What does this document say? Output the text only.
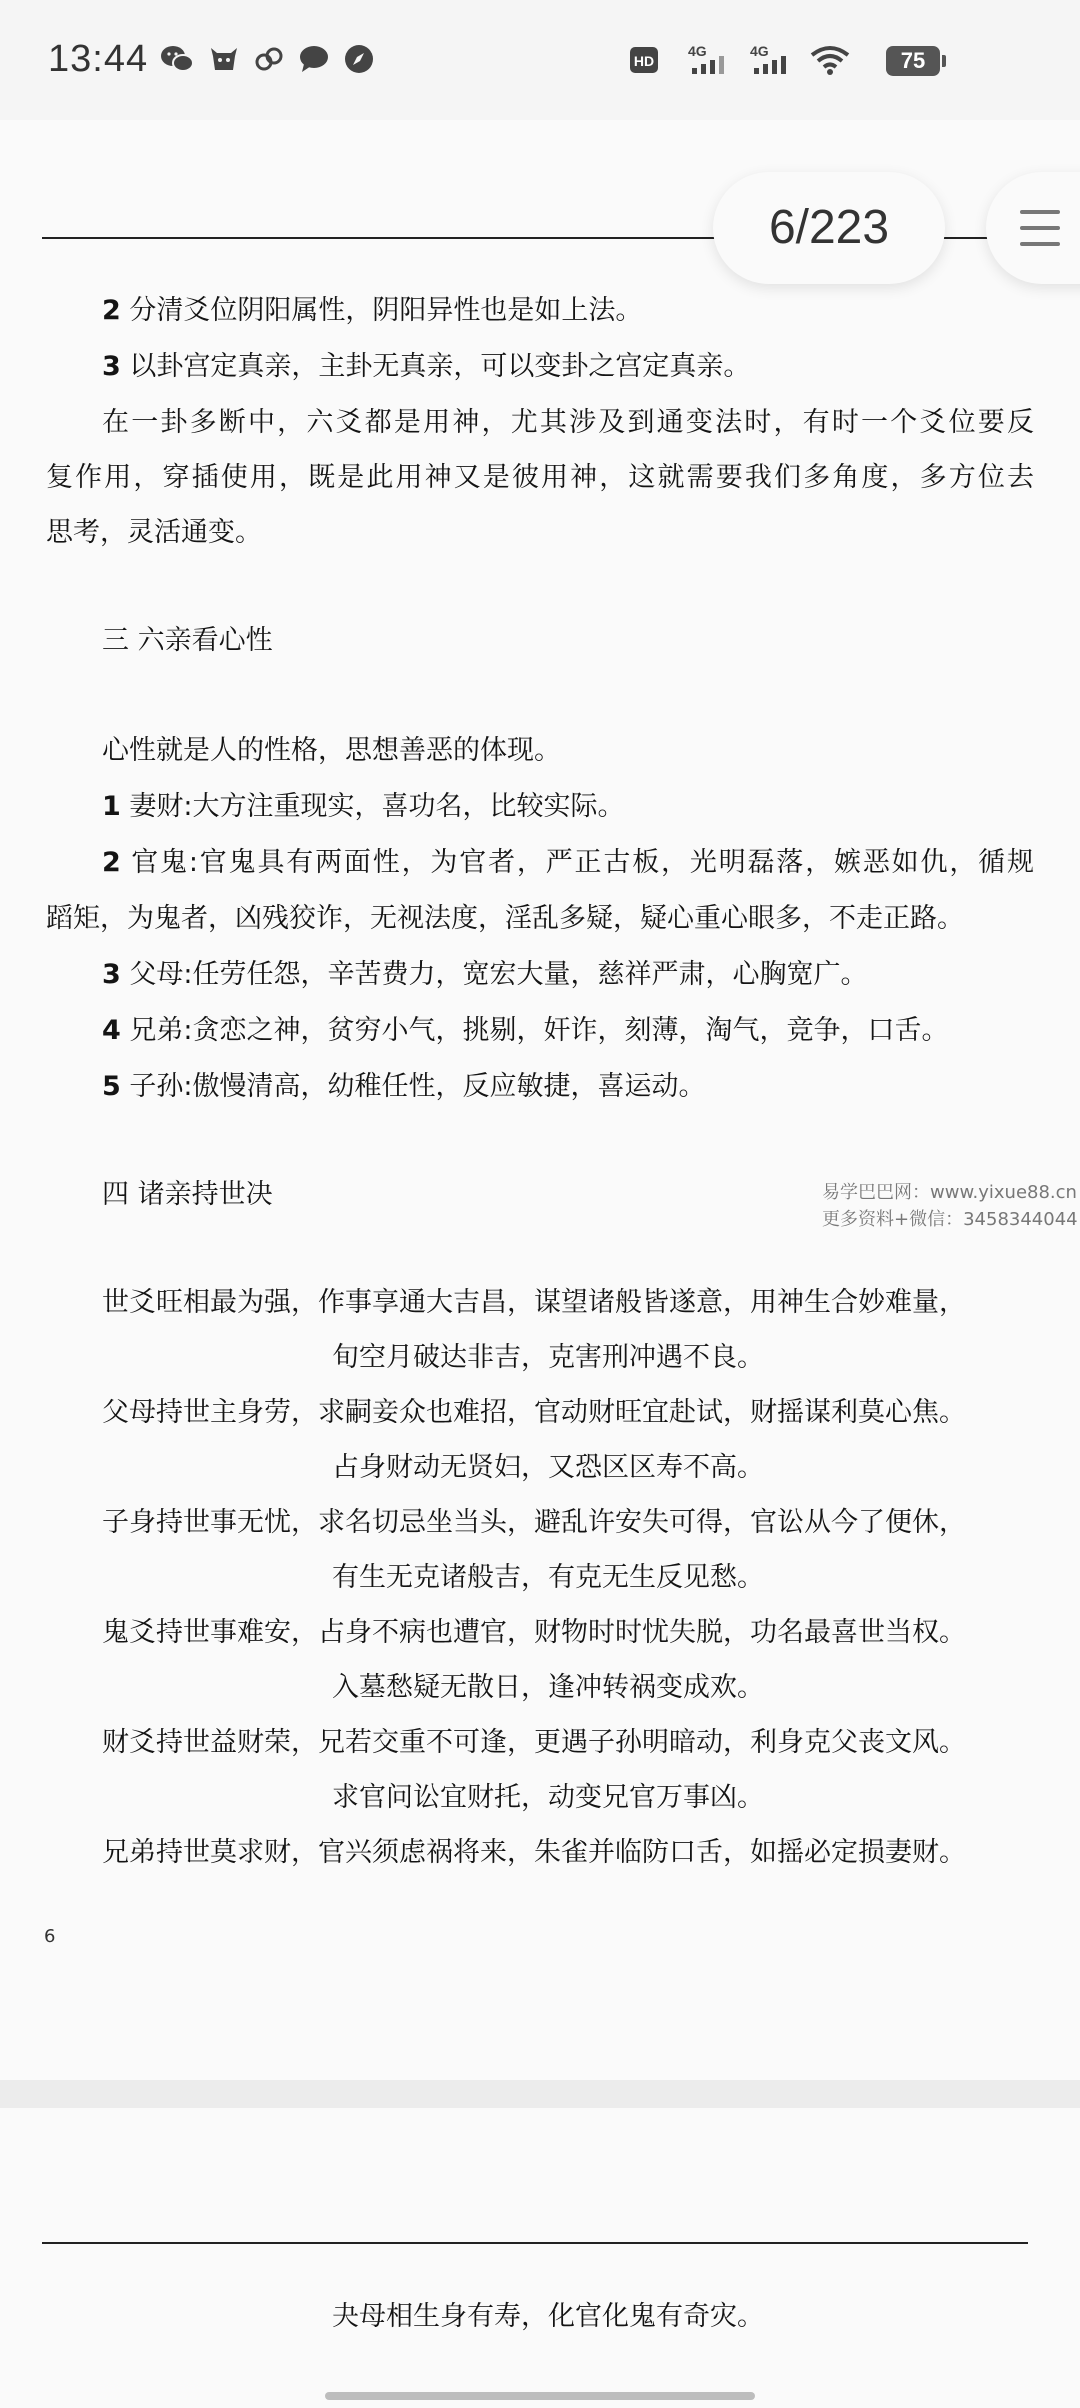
13:44	HD
4G	4G	75

2 分清爻位阴阳属性，阴阳异性也是如上法。

3 以卦宫定真亲，主卦无真亲，可以变卦之宫定真亲。

在一卦多断中，六爻都是用神，尤其涉及到通变法时，有时一个爻位要反

复作用，穿插使用，既是此用神又是彼用神，这就需要我们多角度，多方位去

思考，灵活通变。

三 六亲看心性

心性就是人的性格，思想善恶的体现。

1 妻财:大方注重现实，喜功名，比较实际。

2 官鬼:官鬼具有两面性，为官者，严正古板，光明磊落，嫉恶如仇，循规

蹈矩，为鬼者，凶残狡诈，无视法度，淫乱多疑，疑心重心眼多，不走正路。

3 父母:任劳任怨，辛苦费力，宽宏大量，慈祥严肃，心胸宽广。

4 兄弟:贪恋之神，贫穷小气，挑剔，奸诈，刻薄，淘气，竞争，口舌。

5 子孙:傲慢清高，幼稚任性，反应敏捷，喜运动。

四 诸亲持世决	易学巴巴网：www.yixue88.cn
更多资料+微信：3458344044

世爻旺相最为强，作事享通大吉昌，谋望诸般皆遂意，用神生合妙难量，

旬空月破达非吉，克害刑冲遇不良。

父母持世主身劳，求嗣妾众也难招，官动财旺宜赴试，财摇谋利莫心焦。

占身财动无贤妇，又恐区区寿不高。

子身持世事无忧，求名切忌坐当头，避乱许安失可得，官讼从今了便休，

有生无克诸般吉，有克无生反见愁。

鬼爻持世事难安，占身不病也遭官，财物时时忧失脱，功名最喜世当权。

入墓愁疑无散日，逢冲转祸变成欢。

财爻持世益财荣，兄若交重不可逢，更遇子孙明暗动，利身克父丧文风。

求官问讼宜财托，动变兄官万事凶。

兄弟持世莫求财，官兴须虑祸将来，朱雀并临防口舌，如摇必定损妻财。

6

夬母相生身有寿，化官化鬼有奇灾。

6/223
